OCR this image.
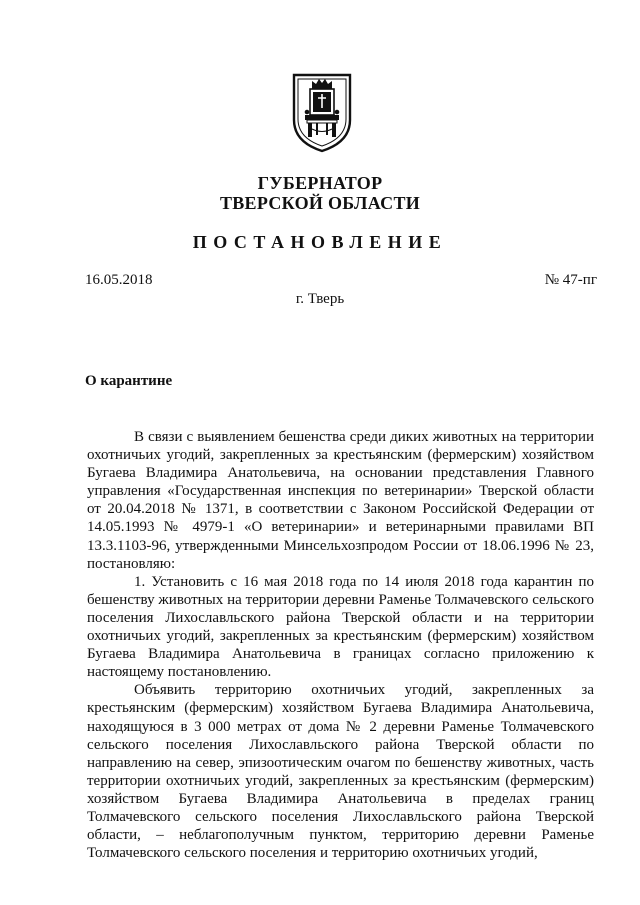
ГУБЕРНАТОР
ТВЕРСКОЙ ОБЛАСТИ
ПОСТАНОВЛЕНИЕ
16.05.2018	№ 47-пг
г. Тверь
О карантине

В связи с выявлением бешенства среди диких животных на территории охотничьих угодий, закрепленных за крестьянским (фермерским) хозяйством Бугаева Владимира Анатольевича, на основании представления Главного управления «Государственная инспекция по ветеринарии» Тверской области от 20.04.2018 № 1371, в соответствии с Законом Российской Федерации от 14.05.1993 № 4979-1 «О ветеринарии» и ветеринарными правилами ВП 13.3.1103-96, утвержденными Минсельхозпродом России от 18.06.1996 № 23, постановляю:

1. Установить с 16 мая 2018 года по 14 июля 2018 года карантин по бешенству животных на территории деревни Раменье Толмачевского сельского поселения Лихославльского района Тверской области и на территории охотничьих угодий, закрепленных за крестьянским (фермерским) хозяйством Бугаева Владимира Анатольевича в границах согласно приложению к настоящему постановлению.

Объявить территорию охотничьих угодий, закрепленных за крестьянским (фермерским) хозяйством Бугаева Владимира Анатольевича, находящуюся в 3 000 метрах от дома № 2 деревни Раменье Толмачевского сельского поселения Лихославльского района Тверской области по направлению на север, эпизоотическим очагом по бешенству животных, часть территории охотничьих угодий, закрепленных за крестьянским (фермерским) хозяйством Бугаева Владимира Анатольевича в пределах границ Толмачевского сельского поселения Лихославльского района Тверской области, – неблагополучным пунктом, территорию деревни Раменье Толмачевского сельского поселения и территорию охотничьих угодий,
